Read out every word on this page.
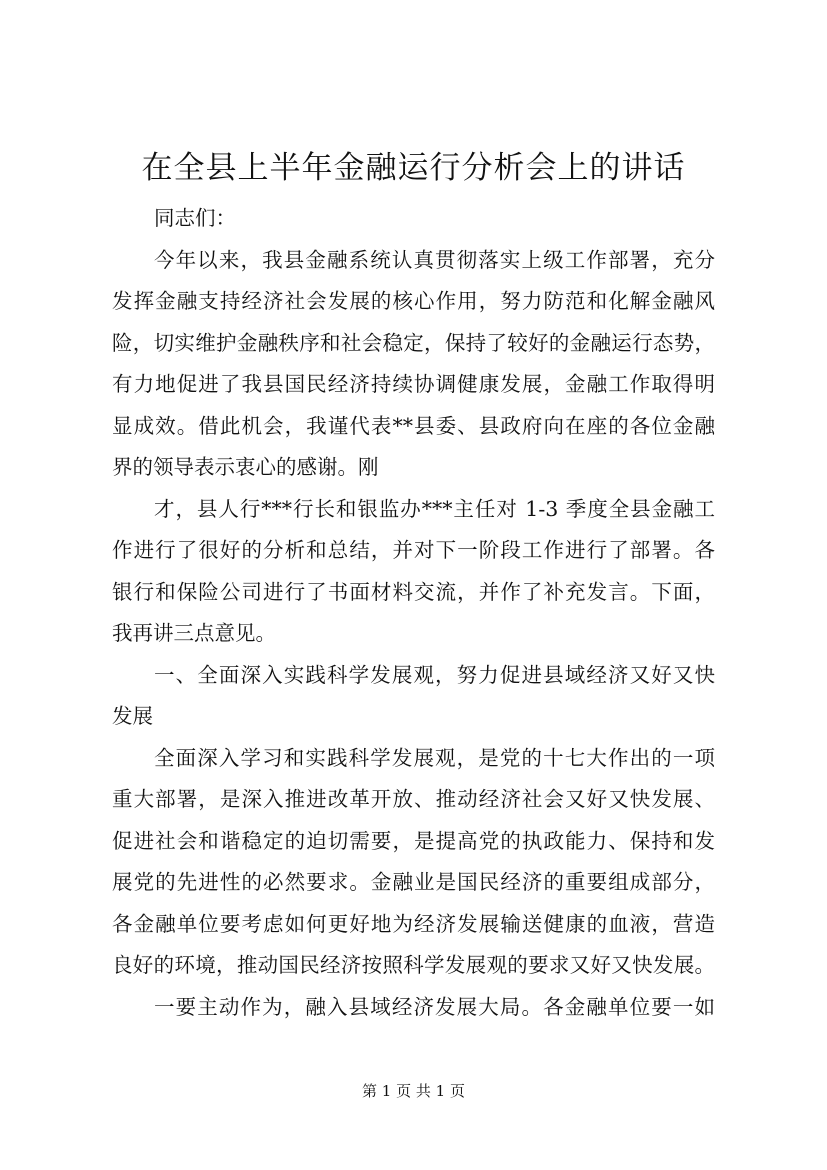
在全县上半年金融运行分析会上的讲话
同志们：
今年以来，我县金融系统认真贯彻落实上级工作部署，充分
发挥金融支持经济社会发展的核心作用，努力防范和化解金融风
险，切实维护金融秩序和社会稳定，保持了较好的金融运行态势，
有力地促进了我县国民经济持续协调健康发展，金融工作取得明
显成效。借此机会，我谨代表**县委、县政府向在座的各位金融
界的领导表示衷心的感谢。刚
才，县人行***行长和银监办***主任对 1-3 季度全县金融工
作进行了很好的分析和总结，并对下一阶段工作进行了部署。各
银行和保险公司进行了书面材料交流，并作了补充发言。下面，
我再讲三点意见。
一、全面深入实践科学发展观，努力促进县域经济又好又快
发展
全面深入学习和实践科学发展观，是党的十七大作出的一项
重大部署，是深入推进改革开放、推动经济社会又好又快发展、
促进社会和谐稳定的迫切需要，是提高党的执政能力、保持和发
展党的先进性的必然要求。金融业是国民经济的重要组成部分，
各金融单位要考虑如何更好地为经济发展输送健康的血液，营造
良好的环境，推动国民经济按照科学发展观的要求又好又快发展。
一要主动作为，融入县域经济发展大局。各金融单位要一如
第 1 页 共 1 页
